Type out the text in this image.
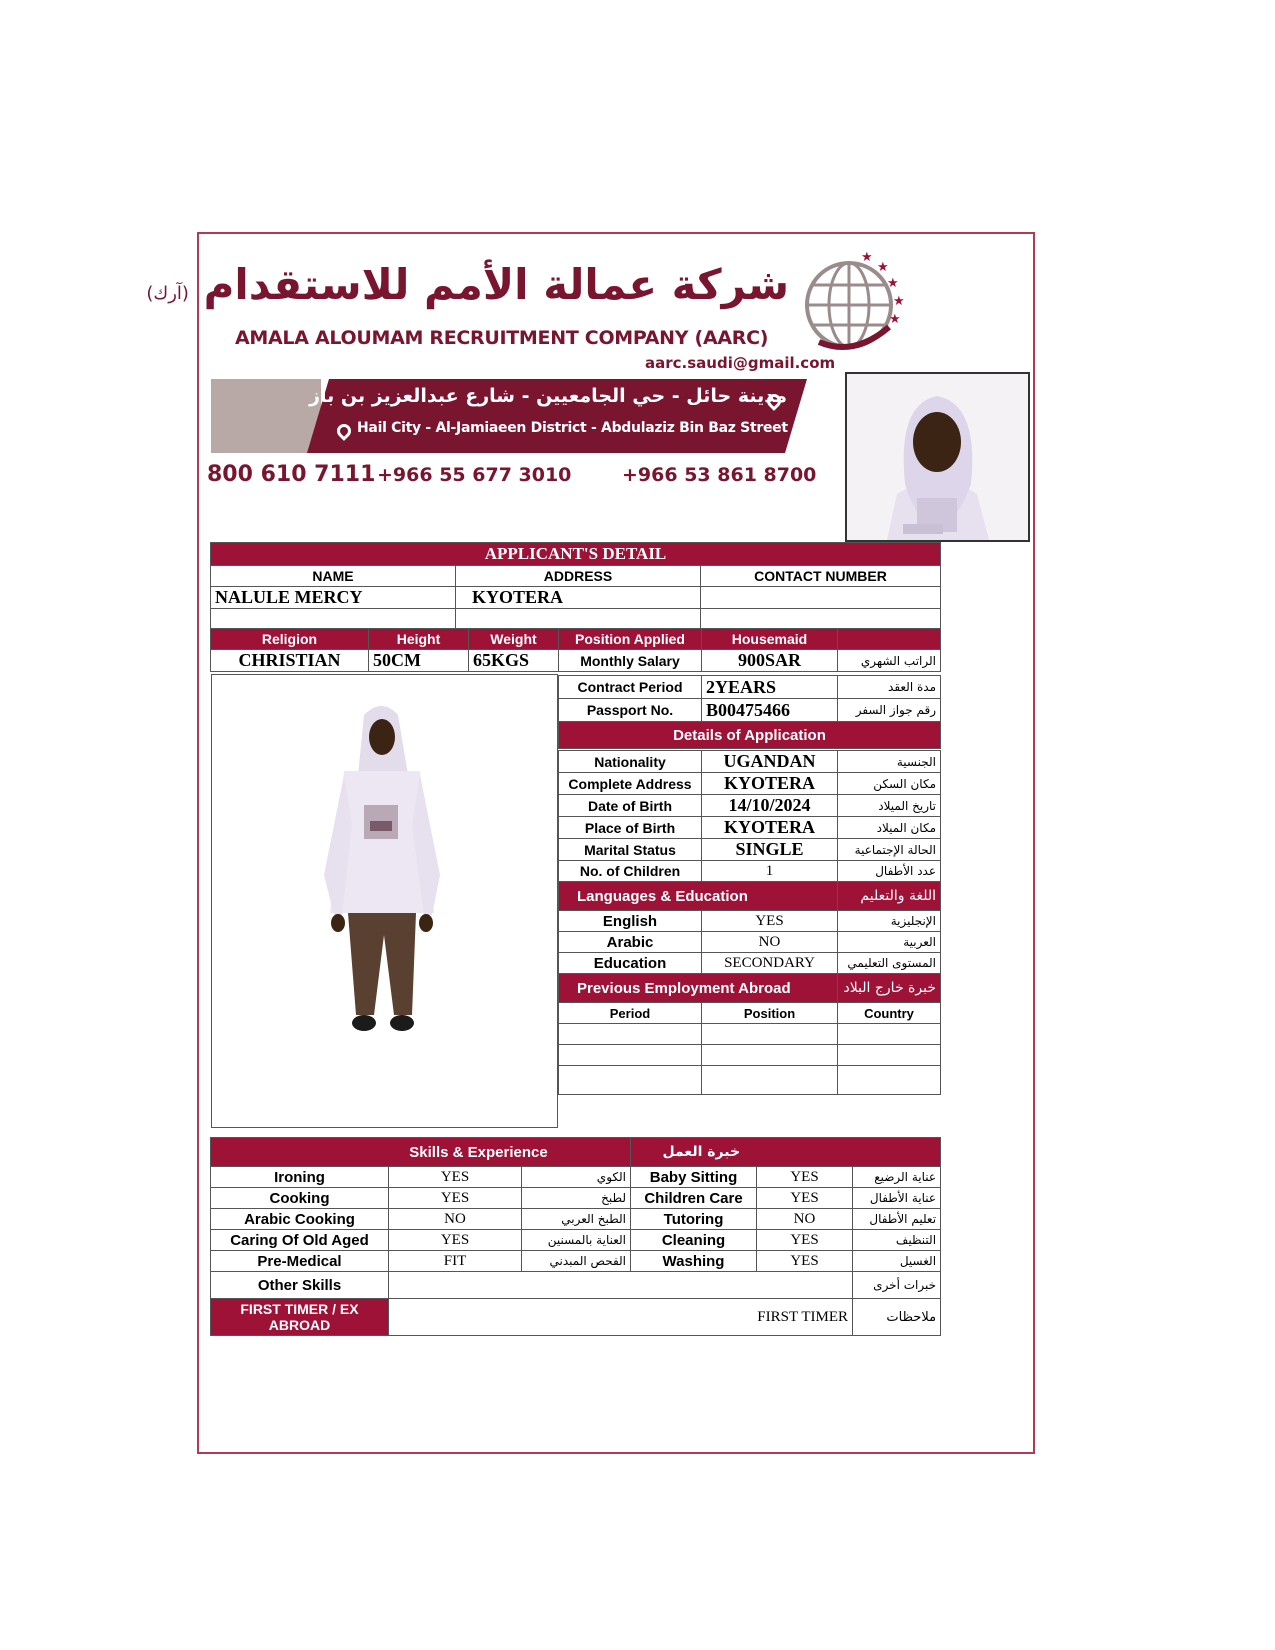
شركة عمالة الأمم للاستقدام (آرك)
AMALA ALOUMAM RECRUITMENT COMPANY (AARC)
aarc.saudi@gmail.com
★
★
★
★
★
مدينة حائل - حي الجامعيين - شارع عبدالعزيز بن باز
Hail City - Al-Jamiaeen District - Abdulaziz Bin Baz Street
800 610 7111 +966 55 677 3010	+966 53 861 8700
APPLICANT'S DETAIL		
NAME	ADDRESS	CONTACT NUMBER
NALULE MERCY	KYOTERA	

Religion	Height	Weight	Position Applied	Housemaid	
CHRISTIAN	50CM	65KGS	Monthly Salary	900SAR	الراتب الشهري
Contract Period	2YEARS	مدة العقد
Passport No.	B00475466	رقم جواز السفر
Details of Application		
Nationality	UGANDAN	الجنسية
Complete Address	KYOTERA	مكان السكن
Date of Birth	14/10/2024	تاريخ الميلاد
Place of Birth	KYOTERA	مكان الميلاد
Marital Status	SINGLE	الحالة الإجتماعية
No. of Children	1	عدد الأطفال
Languages & Education		اللغة والتعليم
English	YES	الإنجليزية
Arabic	NO	العربية
Education	SECONDARY	المستوى التعليمي
Previous Employment Abroad		خبرة خارج البلاد
Period	Position	Country

Skills & Experience			خبرة العمل		
Ironing	YES	الكوي	Baby Sitting	YES	عناية الرضيع
Cooking	YES	لطبخ	Children Care	YES	عناية الأطفال
Arabic Cooking	NO	الطبخ العربي	Tutoring	NO	تعليم الأطفال
Caring Of Old Aged	YES	العناية بالمسنين	Cleaning	YES	التنظيف
Pre-Medical	FIT	الفحص المبدني	Washing	YES	الغسيل
Other Skills					خبرات أخرى
FIRST TIMER / EX ABROAD	FIRST TIMER				ملاحظات
